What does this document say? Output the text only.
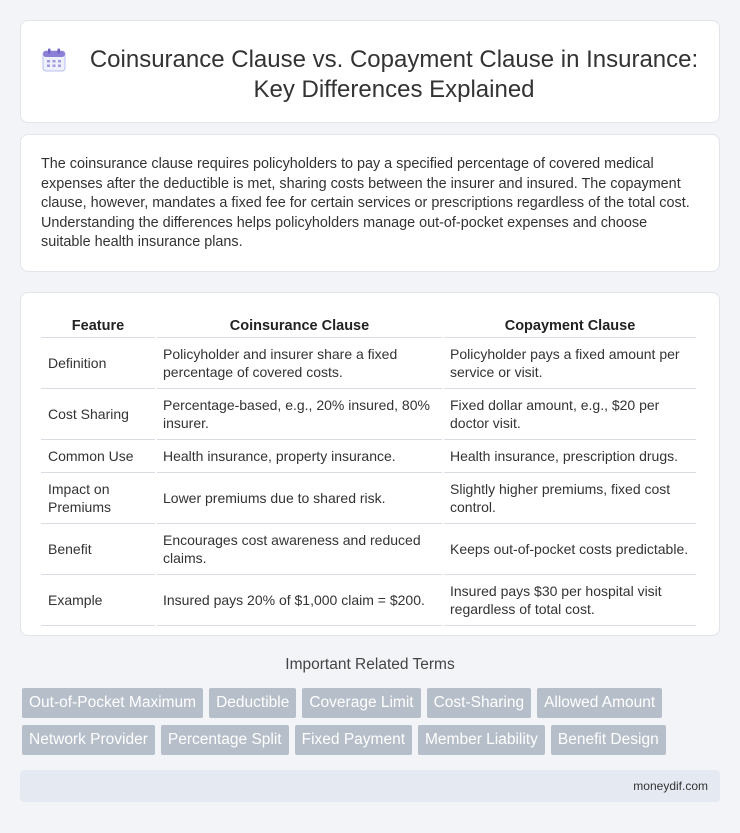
Coinsurance Clause vs. Copayment Clause in Insurance: Key Differences Explained

The coinsurance clause requires policyholders to pay a specified percentage of covered medical expenses after the deductible is met, sharing costs between the insurer and insured. The copayment clause, however, mandates a fixed fee for certain services or prescriptions regardless of the total cost. Understanding the differences helps policyholders manage out-of-pocket expenses and choose suitable health insurance plans.

Feature	Coinsurance Clause	Copayment Clause
Definition	Policyholder and insurer share a fixed percentage of covered costs.	Policyholder pays a fixed amount per service or visit.
Cost Sharing	Percentage-based, e.g., 20% insured, 80% insurer.	Fixed dollar amount, e.g., $20 per doctor visit.
Common Use	Health insurance, property insurance.	Health insurance, prescription drugs.
Impact on Premiums	Lower premiums due to shared risk.	Slightly higher premiums, fixed cost control.
Benefit	Encourages cost awareness and reduced claims.	Keeps out-of-pocket costs predictable.
Example	Insured pays 20% of $1,000 claim = $200.	Insured pays $30 per hospital visit regardless of total cost.
Important Related Terms
Out-of-Pocket Maximum	Deductible	Coverage Limit	Cost-Sharing	Allowed Amount
Network Provider	Percentage Split	Fixed Payment	Member Liability	Benefit Design
moneydif.com
